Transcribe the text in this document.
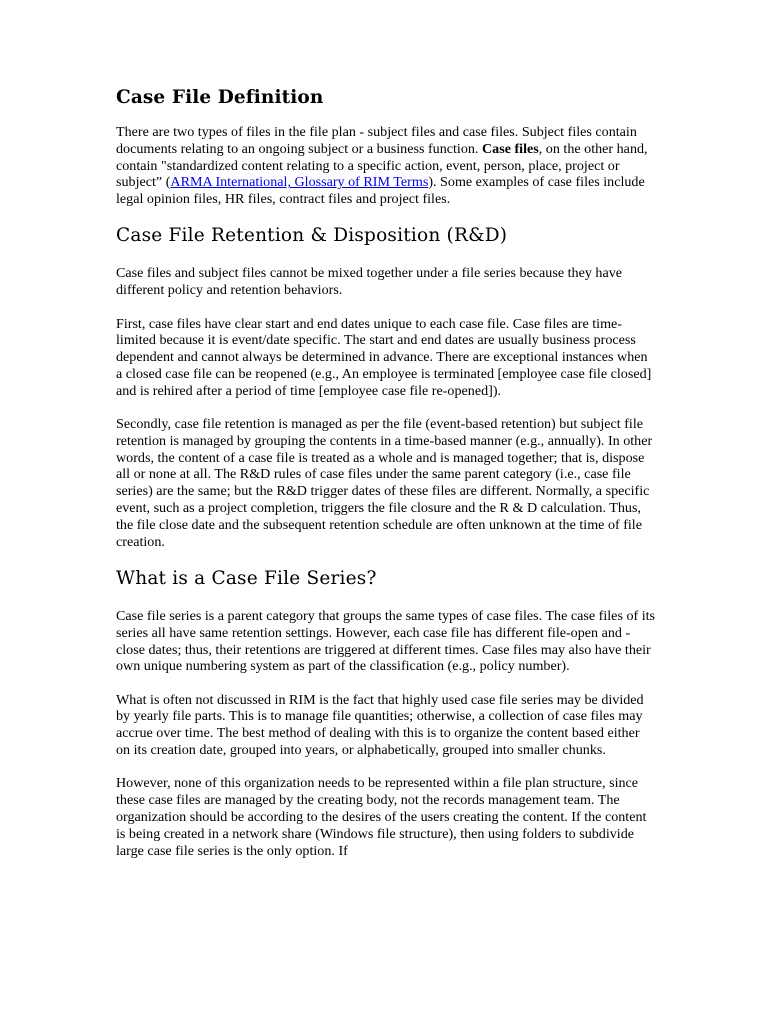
Case File Definition

There are two types of files in the file plan - subject files and case files. Subject files contain documents relating to an ongoing subject or a business function. Case files, on the other hand, contain "standardized content relating to a specific action, event, person, place, project or subject” (ARMA International, Glossary of RIM Terms). Some examples of case files include legal opinion files, HR files, contract files and project files.

Case File Retention & Disposition (R&D)

Case files and subject files cannot be mixed together under a file series because they have different policy and retention behaviors.

First, case files have clear start and end dates unique to each case file. Case files are time-limited because it is event/date specific. The start and end dates are usually business process dependent and cannot always be determined in advance. There are exceptional instances when a closed case file can be reopened (e.g., An employee is terminated [employee case file closed] and is rehired after a period of time [employee case file re-opened]).

Secondly, case file retention is managed as per the file (event-based retention) but subject file retention is managed by grouping the contents in a time-based manner (e.g., annually). In other words, the content of a case file is treated as a whole and is managed together; that is, dispose all or none at all. The R&D rules of case files under the same parent category (i.e., case file series) are the same; but the R&D trigger dates of these files are different. Normally, a specific event, such as a project completion, triggers the file closure and the R & D calculation. Thus, the file close date and the subsequent retention schedule are often unknown at the time of file creation.

What is a Case File Series?

Case file series is a parent category that groups the same types of case files. The case files of its series all have same retention settings. However, each case file has different file-open and -close dates; thus, their retentions are triggered at different times. Case files may also have their own unique numbering system as part of the classification (e.g., policy number).

What is often not discussed in RIM is the fact that highly used case file series may be divided by yearly file parts. This is to manage file quantities; otherwise, a collection of case files may accrue over time. The best method of dealing with this is to organize the content based either on its creation date, grouped into years, or alphabetically, grouped into smaller chunks.

However, none of this organization needs to be represented within a file plan structure, since these case files are managed by the creating body, not the records management team. The organization should be according to the desires of the users creating the content. If the content is being created in a network share (Windows file structure), then using folders to subdivide large case file series is the only option. If
